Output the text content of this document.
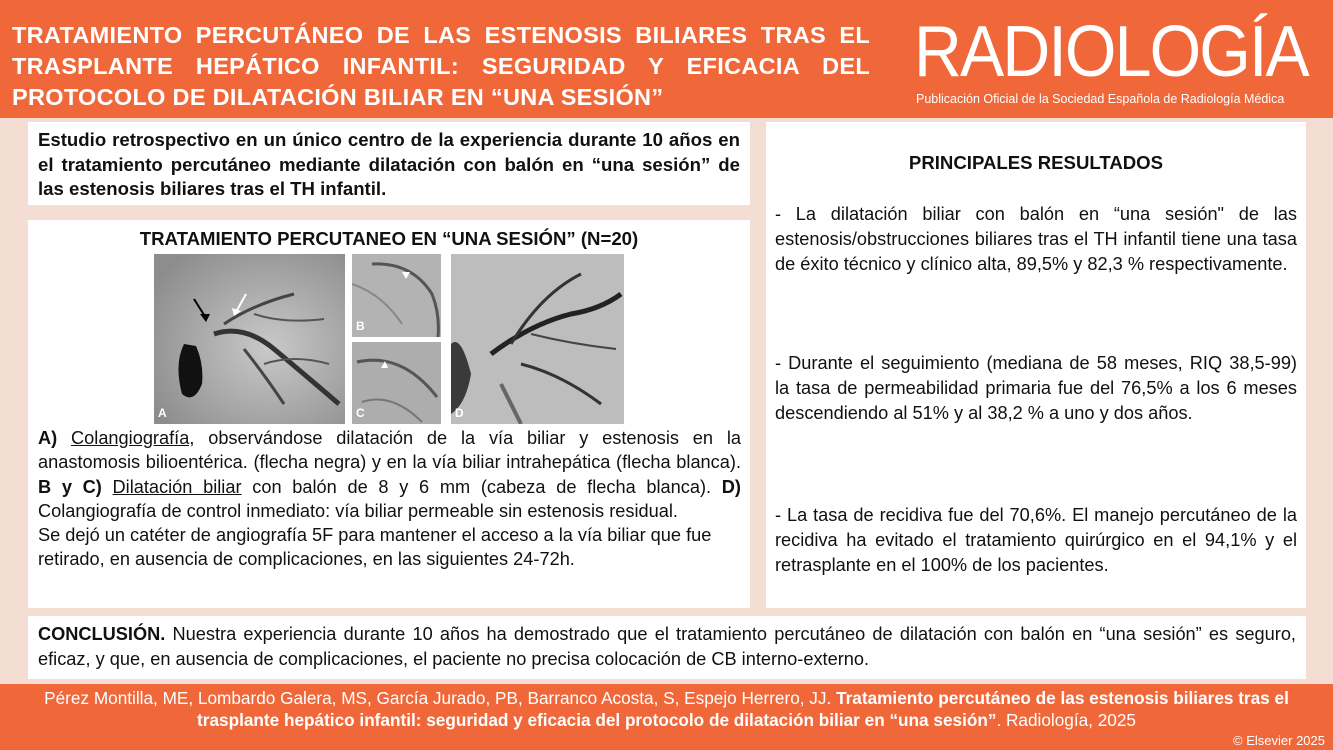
TRATAMIENTO PERCUTÁNEO DE LAS ESTENOSIS BILIARES TRAS EL TRASPLANTE HEPÁTICO INFANTIL: SEGURIDAD Y EFICACIA DEL PROTOCOLO DE DILATACIÓN BILIAR EN “UNA SESIÓN”
RADIOLOGÍA
Publicación Oficial de la Sociedad Española de Radiología Médica
Estudio retrospectivo en un único centro de la experiencia durante 10 años en el tratamiento percutáneo mediante dilatación con balón en “una sesión” de las estenosis biliares tras el TH infantil.
TRATAMIENTO PERCUTANEO EN “UNA SESIÓN” (N=20)
A
B
C	D

A) Colangiografía, observándose dilatación de la vía biliar y estenosis en la anastomosis bilioentérica. (flecha negra) y en la vía biliar intrahepática (flecha blanca). B y C) Dilatación biliar con balón de 8 y 6 mm (cabeza de flecha blanca). D) Colangiografía de control inmediato: vía biliar permeable sin estenosis residual.

Se dejó un catéter de angiografía 5F para mantener el acceso a la vía biliar que fue retirado, en ausencia de complicaciones, en las siguientes 24-72h.

PRINCIPALES RESULTADOS
- La dilatación biliar con balón en “una sesión" de las estenosis/obstrucciones biliares tras el TH infantil tiene una tasa de éxito técnico y clínico alta, 89,5% y 82,3 % respectivamente.
- Durante el seguimiento (mediana de 58 meses, RIQ 38,5-99) la tasa de permeabilidad primaria fue del 76,5% a los 6 meses descendiendo al 51% y al 38,2 % a uno y dos años.
- La tasa de recidiva fue del 70,6%. El manejo percutáneo de la recidiva ha evitado el tratamiento quirúrgico en el 94,1% y el retrasplante en el 100% de los pacientes.
CONCLUSIÓN. Nuestra experiencia durante 10 años ha demostrado que el tratamiento percutáneo de dilatación con balón en “una sesión” es seguro, eficaz, y que, en ausencia de complicaciones, el paciente no precisa colocación de CB interno-externo.
Pérez Montilla, ME, Lombardo Galera, MS, García Jurado, PB, Barranco Acosta, S, Espejo Herrero, JJ. Tratamiento percutáneo de las estenosis biliares tras el trasplante hepático infantil: seguridad y eficacia del protocolo de dilatación biliar en “una sesión”. Radiología, 2025
© Elsevier 2025
